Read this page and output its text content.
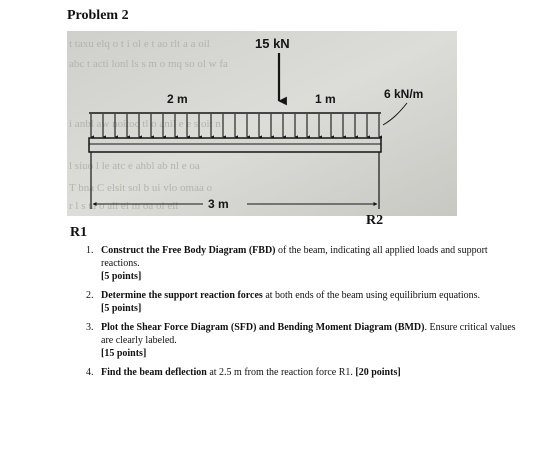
Problem 2
t taxu elq o t i ol e t ao rlt a a oil
abc t acti lonl ls s m o mq so ol w fa
i anbl aw noitoc tl o anil e e s oit n
l siuo l le atc e ahbl ab nl e oa
T bna C elsit sol b ui vlo omaa o
r l s ta o ali ei m oa ol eil
15 kN
2 m	1 m	6 kN/m
3 m
R2
R1
1. Construct the Free Body Diagram (FBD) of the beam, indicating all applied loads and support reactions.
[5 points]
2. Determine the support reaction forces at both ends of the beam using equilibrium equations.
[5 points]
3. Plot the Shear Force Diagram (SFD) and Bending Moment Diagram (BMD). Ensure critical values are clearly labeled.
[15 points]
4. Find the beam deflection at 2.5 m from the reaction force R1. [20 points]
